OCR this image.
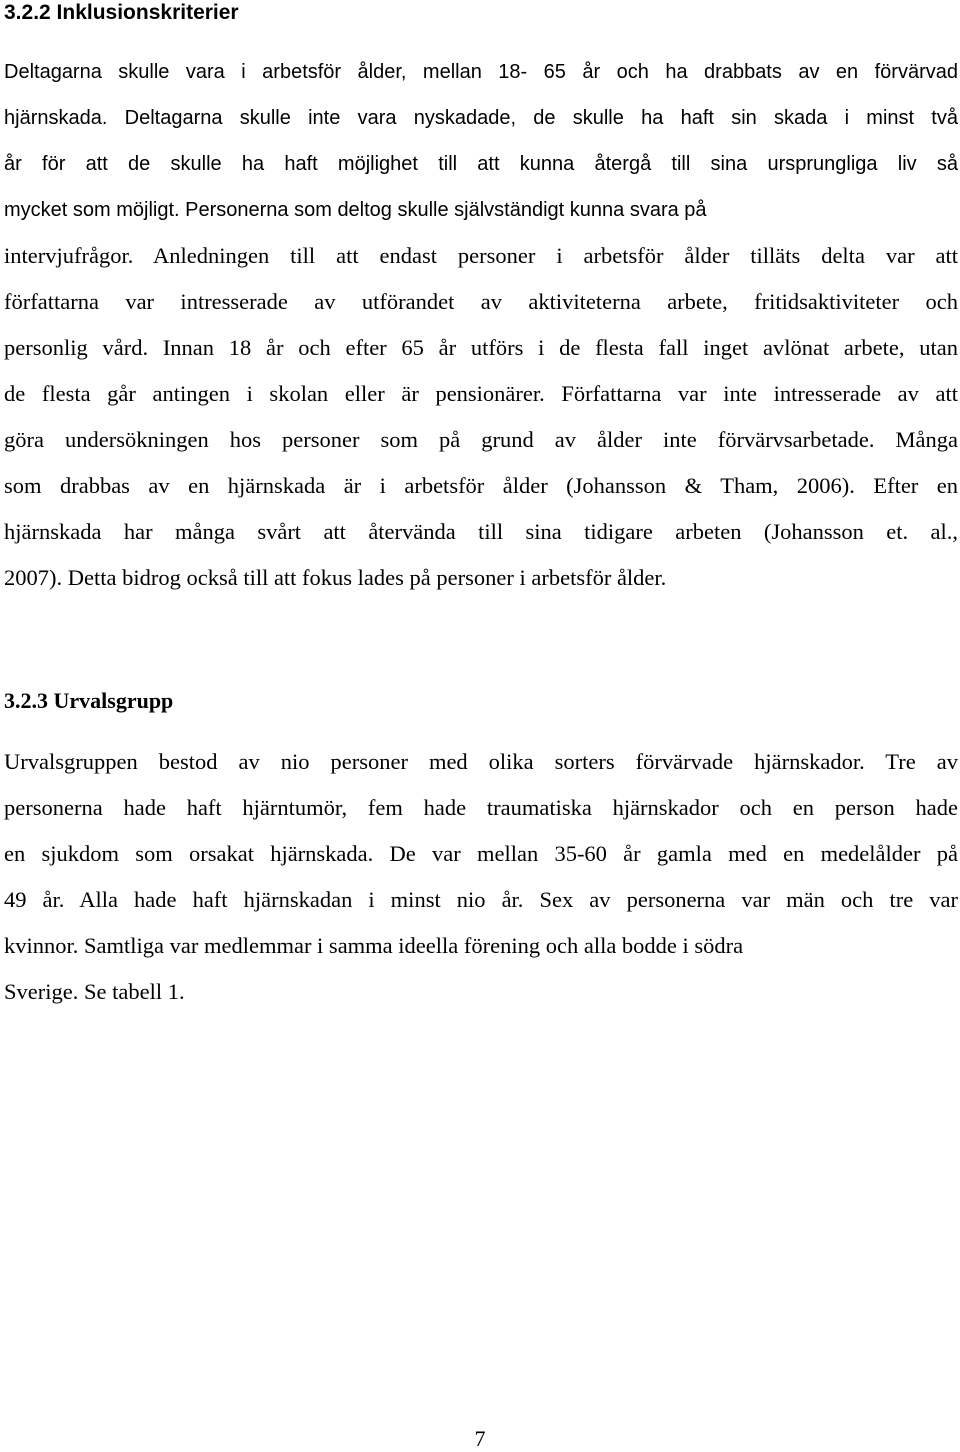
3.2.2 Inklusionskriterier

Deltagarna skulle vara i arbetsför ålder, mellan 18- 65 år och ha drabbats av en förvärvad
hjärnskada. Deltagarna skulle inte vara nyskadade, de skulle ha haft sin skada i minst två
år för att de skulle ha haft möjlighet till att kunna återgå till sina ursprungliga liv så
mycket som möjligt. Personerna som deltog skulle självständigt kunna svara på

intervjufrågor. Anledningen till att endast personer i arbetsför ålder tilläts delta var att
författarna var intresserade av utförandet av aktiviteterna arbete, fritidsaktiviteter och
personlig vård. Innan 18 år och efter 65 år utförs i de flesta fall inget avlönat arbete, utan
de flesta går antingen i skolan eller är pensionärer. Författarna var inte intresserade av att
göra undersökningen hos personer som på grund av ålder inte förvärvsarbetade. Många
som drabbas av en hjärnskada är i arbetsför ålder (Johansson & Tham, 2006). Efter en
hjärnskada har många svårt att återvända till sina tidigare arbeten (Johansson et. al.,
2007). Detta bidrog också till att fokus lades på personer i arbetsför ålder.

3.2.3 Urvalsgrupp

Urvalsgruppen bestod av nio personer med olika sorters förvärvade hjärnskador. Tre av
personerna hade haft hjärntumör, fem hade traumatiska hjärnskador och en person hade
en sjukdom som orsakat hjärnskada. De var mellan 35-60 år gamla med en medelålder på
49 år. Alla hade haft hjärnskadan i minst nio år. Sex av personerna var män och tre var
kvinnor. Samtliga var medlemmar i samma ideella förening och alla bodde i södra
Sverige. Se tabell 1.

7
